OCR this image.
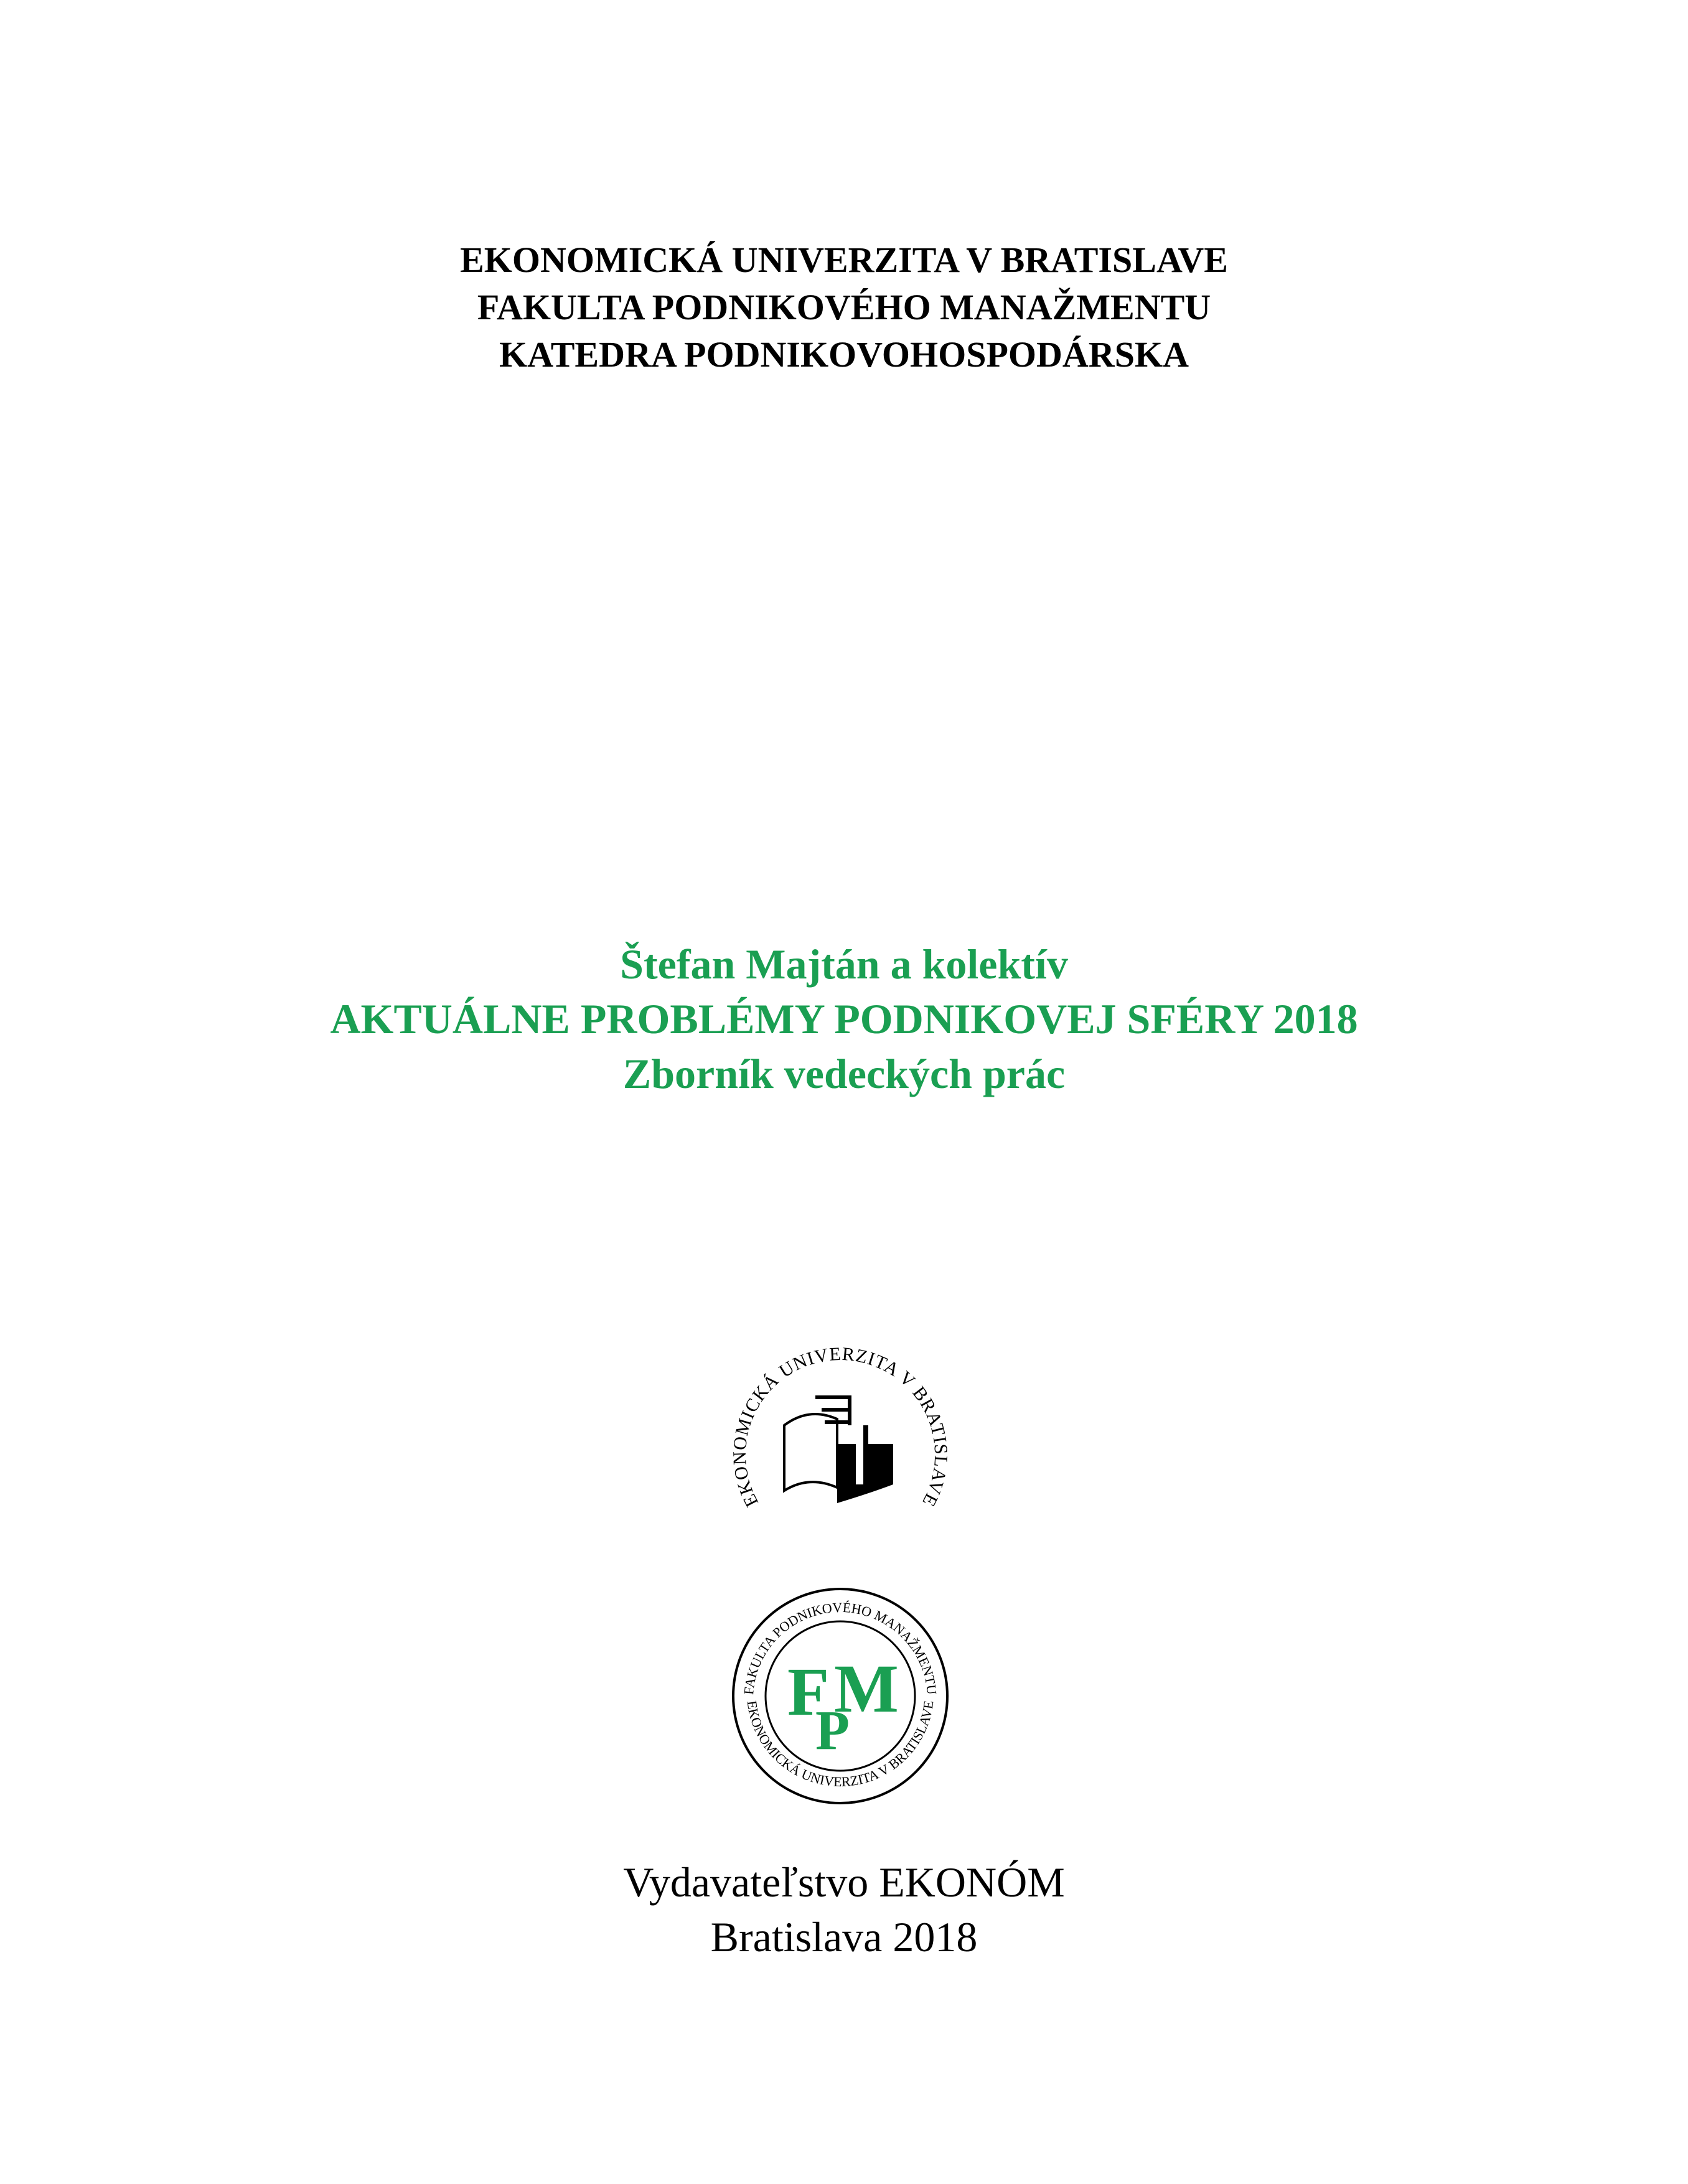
EKONOMICKÁ UNIVERZITA V BRATISLAVE
FAKULTA PODNIKOVÉHO MANAŽMENTU
KATEDRA PODNIKOVOHOSPODÁRSKA
Štefan Majtán a kolektív
AKTUÁLNE PROBLÉMY PODNIKOVEJ SFÉRY 2018
Zborník vedeckých prác
EKONOMICKÁ UNIVERZITA V BRATISLAVE
FAKULTA PODNIKOVÉHO MANAŽMENTU
EKONOMICKÁ UNIVERZITA V BRATISLAVE
F
P
M
Vydavateľstvo EKONÓM
Bratislava 2018
